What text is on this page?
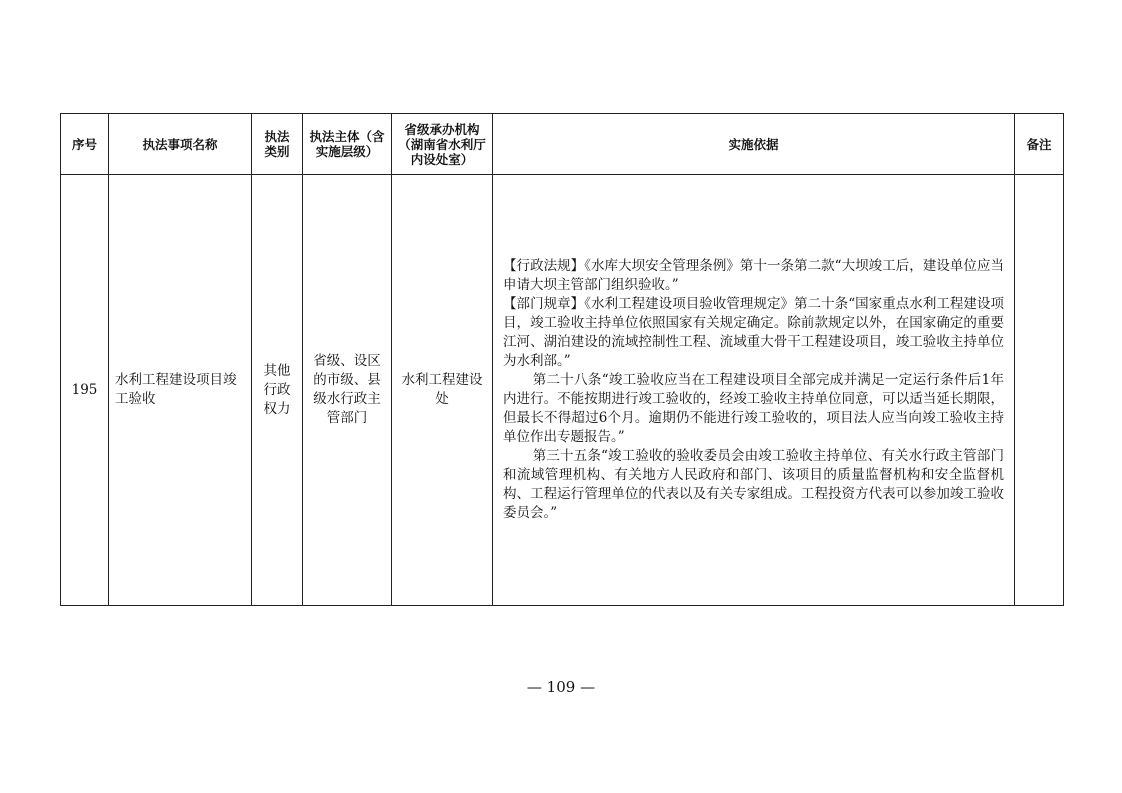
序号	执法事项名称	执法类别	执法主体（含实施层级）	省级承办机构（湖南省水利厅内设处室）	实施依据	备注
195	水利工程建设项目竣工验收	其他行政权力	省级、设区的市级、县级水行政主管部门	水利工程建设处	【行政法规】《水库大坝安全管理条例》第十一条第二款“大坝竣工后，建设单位应当申请大坝主管部门组织验收。”

【部门规章】《水利工程建设项目验收管理规定》第二十条“国家重点水利工程建设项目，竣工验收主持单位依照国家有关规定确定。除前款规定以外，在国家确定的重要江河、湖泊建设的流域控制性工程、流域重大骨干工程建设项目，竣工验收主持单位为水利部。”

第二十八条“竣工验收应当在工程建设项目全部完成并满足一定运行条件后1年内进行。不能按期进行竣工验收的，经竣工验收主持单位同意，可以适当延长期限，但最长不得超过6个月。逾期仍不能进行竣工验收的，项目法人应当向竣工验收主持单位作出专题报告。”

第三十五条“竣工验收的验收委员会由竣工验收主持单位、有关水行政主管部门和流域管理机构、有关地方人民政府和部门、该项目的质量监督机构和安全监督机构、工程运行管理单位的代表以及有关专家组成。工程投资方代表可以参加竣工验收委员会。”	

— 109 —
